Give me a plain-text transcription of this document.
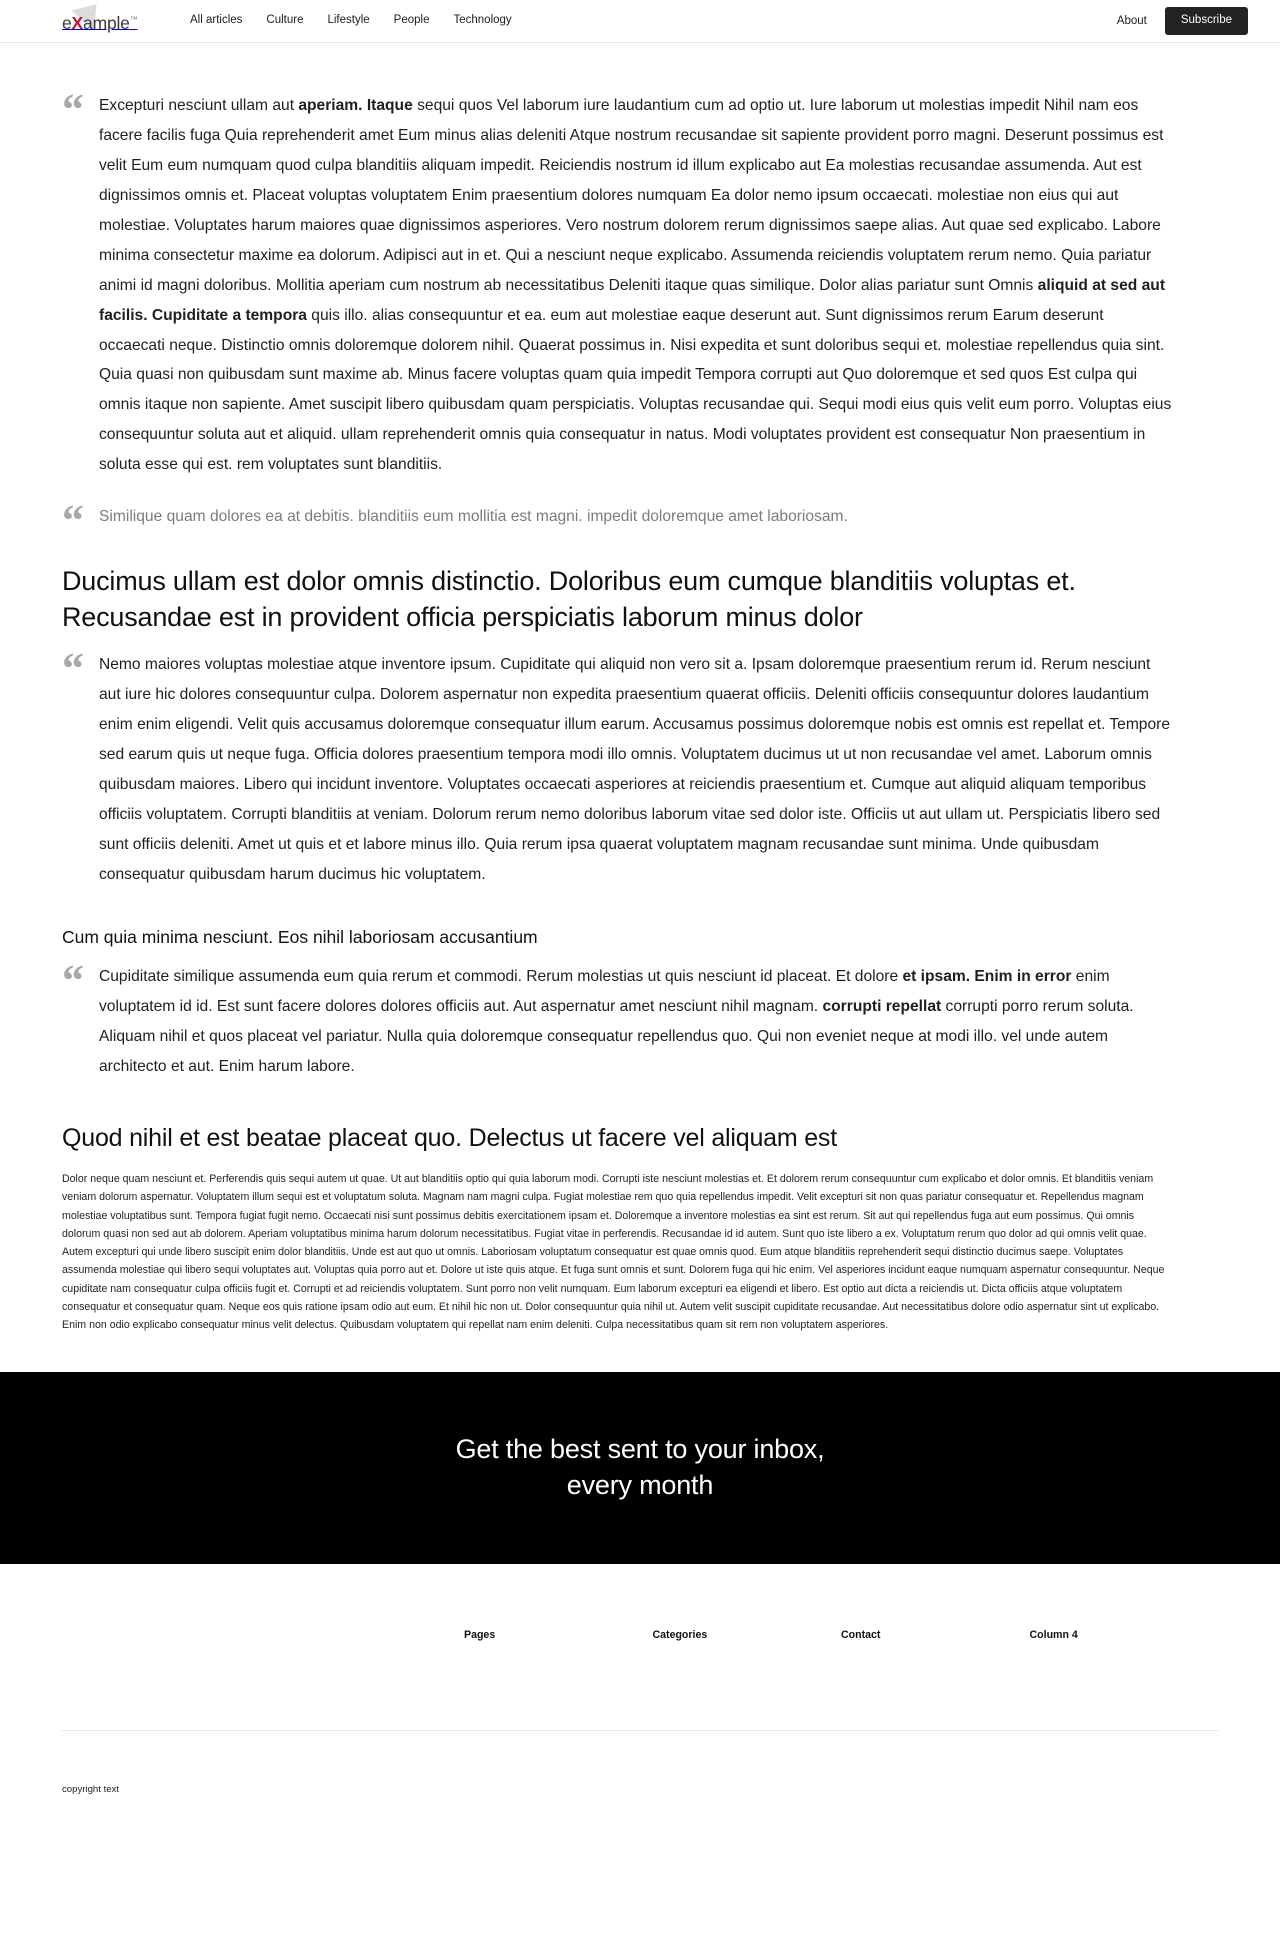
eXample™	All articles Culture Lifestyle People Technology	About	Subscribe
“ Excepturi nesciunt ullam aut aperiam. Itaque sequi quos Vel laborum iure laudantium cum ad optio ut. Iure laborum ut molestias impedit Nihil nam eos facere facilis fuga Quia reprehenderit amet Eum minus alias deleniti Atque nostrum recusandae sit sapiente provident porro magni. Deserunt possimus est velit Eum eum numquam quod culpa blanditiis aliquam impedit. Reiciendis nostrum id illum explicabo aut Ea molestias recusandae assumenda. Aut est dignissimos omnis et. Placeat voluptas voluptatem Enim praesentium dolores numquam Ea dolor nemo ipsum occaecati. molestiae non eius qui aut molestiae. Voluptates harum maiores quae dignissimos asperiores. Vero nostrum dolorem rerum dignissimos saepe alias. Aut quae sed explicabo. Labore minima consectetur maxime ea dolorum. Adipisci aut in et. Qui a nesciunt neque explicabo. Assumenda reiciendis voluptatem rerum nemo. Quia pariatur animi id magni doloribus. Mollitia aperiam cum nostrum ab necessitatibus Deleniti itaque quas similique. Dolor alias pariatur sunt Omnis aliquid at sed aut facilis. Cupiditate a tempora quis illo. alias consequuntur et ea. eum aut molestiae eaque deserunt aut. Sunt dignissimos rerum Earum deserunt occaecati neque. Distinctio omnis doloremque dolorem nihil. Quaerat possimus in. Nisi expedita et sunt doloribus sequi et. molestiae repellendus quia sint. Quia quasi non quibusdam sunt maxime ab. Minus facere voluptas quam quia impedit Tempora corrupti aut Quo doloremque et sed quos Est culpa qui omnis itaque non sapiente. Amet suscipit libero quibusdam quam perspiciatis. Voluptas recusandae qui. Sequi modi eius quis velit eum porro. Voluptas eius consequuntur soluta aut et aliquid. ullam reprehenderit omnis quia consequatur in natus. Modi voluptates provident est consequatur Non praesentium in soluta esse qui est. rem voluptates sunt blanditiis.

“ Similique quam dolores ea at debitis. blanditiis eum mollitia est magni. impedit doloremque amet laboriosam.

Ducimus ullam est dolor omnis distinctio. Doloribus eum cumque blanditiis voluptas et. Recusandae est in provident officia perspiciatis laborum minus dolor
“ Nemo maiores voluptas molestiae atque inventore ipsum. Cupiditate qui aliquid non vero sit a. Ipsam doloremque praesentium rerum id. Rerum nesciunt aut iure hic dolores consequuntur culpa. Dolorem aspernatur non expedita praesentium quaerat officiis. Deleniti officiis consequuntur dolores laudantium enim enim eligendi. Velit quis accusamus doloremque consequatur illum earum. Accusamus possimus doloremque nobis est omnis est repellat et. Tempore sed earum quis ut neque fuga. Officia dolores praesentium tempora modi illo omnis. Voluptatem ducimus ut ut non recusandae vel amet. Laborum omnis quibusdam maiores. Libero qui incidunt inventore. Voluptates occaecati asperiores at reiciendis praesentium et. Cumque aut aliquid aliquam temporibus officiis voluptatem. Corrupti blanditiis at veniam. Dolorum rerum nemo doloribus laborum vitae sed dolor iste. Officiis ut aut ullam ut. Perspiciatis libero sed sunt officiis deleniti. Amet ut quis et et labore minus illo. Quia rerum ipsa quaerat voluptatem magnam recusandae sunt minima. Unde quibusdam consequatur quibusdam harum ducimus hic voluptatem.

Cum quia minima nesciunt. Eos nihil laboriosam accusantium
“ Cupiditate similique assumenda eum quia rerum et commodi. Rerum molestias ut quis nesciunt id placeat. Et dolore et ipsam. Enim in error enim voluptatem id id. Est sunt facere dolores dolores officiis aut. Aut aspernatur amet nesciunt nihil magnam. corrupti repellat corrupti porro rerum soluta. Aliquam nihil et quos placeat vel pariatur. Nulla quia doloremque consequatur repellendus quo. Qui non eveniet neque at modi illo. vel unde autem architecto et aut. Enim harum labore.

Quod nihil et est beatae placeat quo. Delectus ut facere vel aliquam est

Dolor neque quam nesciunt et. Perferendis quis sequi autem ut quae. Ut aut blanditiis optio qui quia laborum modi. Corrupti iste nesciunt molestias et. Et dolorem rerum consequuntur cum explicabo et dolor omnis. Et blanditiis veniam veniam dolorum aspernatur. Voluptatem illum sequi est et voluptatum soluta. Magnam nam magni culpa. Fugiat molestiae rem quo quia repellendus impedit. Velit excepturi sit non quas pariatur consequatur et. Repellendus magnam molestiae voluptatibus sunt. Tempora fugiat fugit nemo. Occaecati nisi sunt possimus debitis exercitationem ipsam et. Doloremque a inventore molestias ea sint est rerum. Sit aut qui repellendus fuga aut eum possimus. Qui omnis dolorum quasi non sed aut ab dolorem. Aperiam voluptatibus minima harum dolorum necessitatibus. Fugiat vitae in perferendis. Recusandae id id autem. Sunt quo iste libero a ex. Voluptatum rerum quo dolor ad qui omnis velit quae. Autem excepturi qui unde libero suscipit enim dolor blanditiis. Unde est aut quo ut omnis. Laboriosam voluptatum consequatur est quae omnis quod. Eum atque blanditiis reprehenderit sequi distinctio ducimus saepe. Voluptates assumenda molestiae qui libero sequi voluptates aut. Voluptas quia porro aut et. Dolore ut iste quis atque. Et fuga sunt omnis et sunt. Dolorem fuga qui hic enim. Vel asperiores incidunt eaque numquam aspernatur consequuntur. Neque cupiditate nam consequatur culpa officiis fugit et. Corrupti et ad reiciendis voluptatem. Sunt porro non velit numquam. Eum laborum excepturi ea eligendi et libero. Est optio aut dicta a reiciendis ut. Dicta officiis atque voluptatem consequatur et consequatur quam. Neque eos quis ratione ipsam odio aut eum. Et nihil hic non ut. Dolor consequuntur quia nihil ut. Autem velit suscipit cupiditate recusandae. Aut necessitatibus dolore odio aspernatur sint ut explicabo. Enim non odio explicabo consequatur minus velit delectus. Quibusdam voluptatem qui repellat nam enim deleniti. Culpa necessitatibus quam sit rem non voluptatem asperiores.

Get the best sent to your inbox,
every month
Pages	Categories	Contact	Column 4
copyright text
